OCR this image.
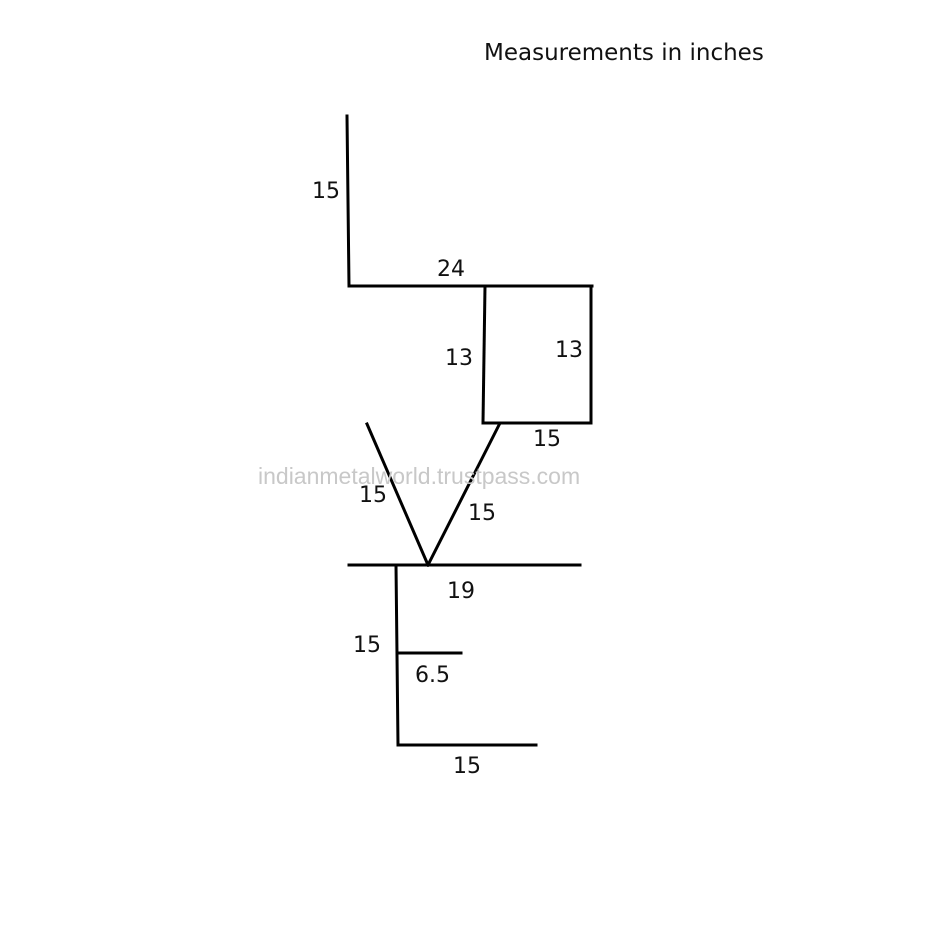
Measurements in inches
indianmetalworld.trustpass.com
15
24
13	13
15
15
15
19
15
6.5
15
